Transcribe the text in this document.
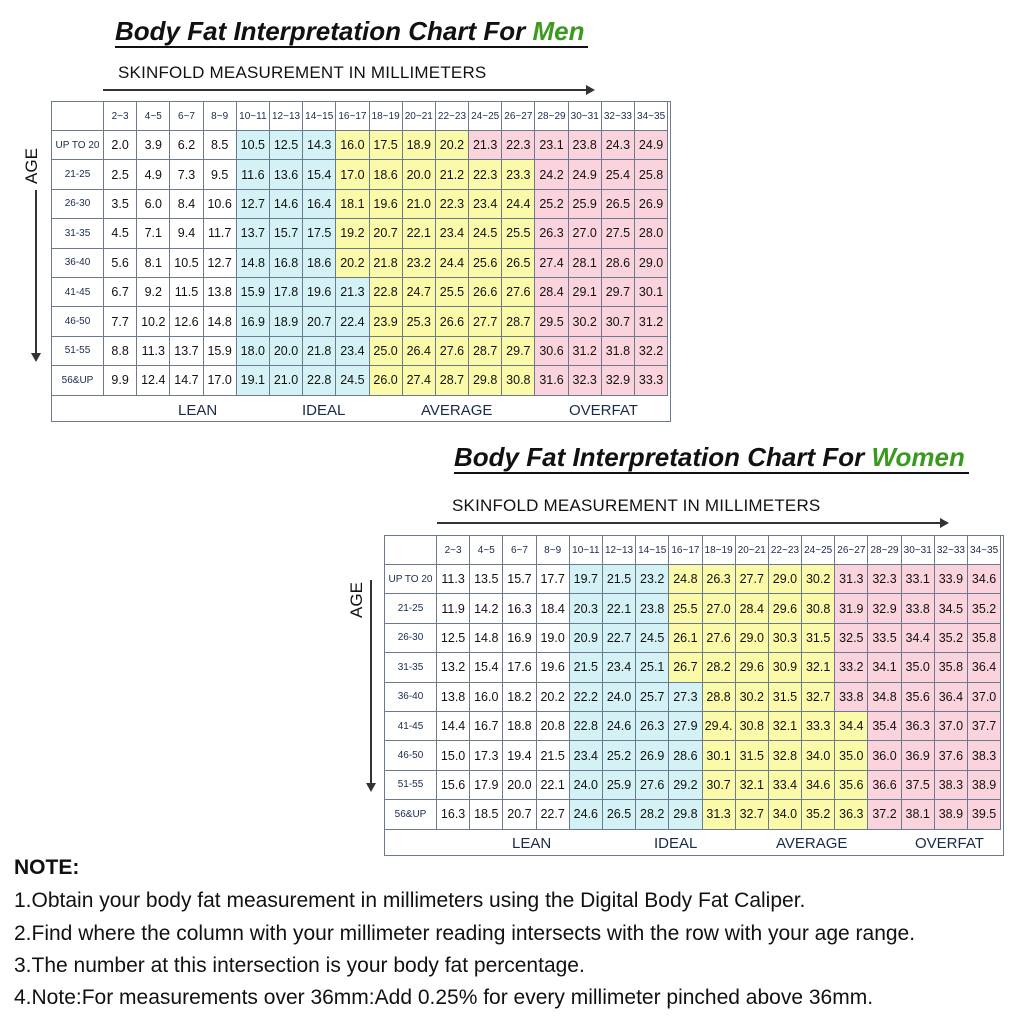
Body Fat Interpretation Chart For Men
SKINFOLD MEASUREMENT IN MILLIMETERS
AGE
	2~3	4~5	6~7	8~9	10~11	12~13	14~15	16~17	18~19	20~21	22~23	24~25	26~27	28~29	30~31	32~33	34~35
UP TO 20	2.0	3.9	6.2	8.5	10.5	12.5	14.3	16.0	17.5	18.9	20.2	21.3	22.3	23.1	23.8	24.3	24.9
21-25	2.5	4.9	7.3	9.5	11.6	13.6	15.4	17.0	18.6	20.0	21.2	22.3	23.3	24.2	24.9	25.4	25.8
26-30	3.5	6.0	8.4	10.6	12.7	14.6	16.4	18.1	19.6	21.0	22.3	23.4	24.4	25.2	25.9	26.5	26.9
31-35	4.5	7.1	9.4	11.7	13.7	15.7	17.5	19.2	20.7	22.1	23.4	24.5	25.5	26.3	27.0	27.5	28.0
36-40	5.6	8.1	10.5	12.7	14.8	16.8	18.6	20.2	21.8	23.2	24.4	25.6	26.5	27.4	28.1	28.6	29.0
41-45	6.7	9.2	11.5	13.8	15.9	17.8	19.6	21.3	22.8	24.7	25.5	26.6	27.6	28.4	29.1	29.7	30.1
46-50	7.7	10.2	12.6	14.8	16.9	18.9	20.7	22.4	23.9	25.3	26.6	27.7	28.7	29.5	30.2	30.7	31.2
51-55	8.8	11.3	13.7	15.9	18.0	20.0	21.8	23.4	25.0	26.4	27.6	28.7	29.7	30.6	31.2	31.8	32.2
56&UP	9.9	12.4	14.7	17.0	19.1	21.0	22.8	24.5	26.0	27.4	28.7	29.8	30.8	31.6	32.3	32.9	33.3
LEAN	IDEAL	AVERAGE	OVERFAT
Body Fat Interpretation Chart For Women
SKINFOLD MEASUREMENT IN MILLIMETERS
AGE
	2~3	4~5	6~7	8~9	10~11	12~13	14~15	16~17	18~19	20~21	22~23	24~25	26~27	28~29	30~31	32~33	34~35
UP TO 20	11.3	13.5	15.7	17.7	19.7	21.5	23.2	24.8	26.3	27.7	29.0	30.2	31.3	32.3	33.1	33.9	34.6
21-25	11.9	14.2	16.3	18.4	20.3	22.1	23.8	25.5	27.0	28.4	29.6	30.8	31.9	32.9	33.8	34.5	35.2
26-30	12.5	14.8	16.9	19.0	20.9	22.7	24.5	26.1	27.6	29.0	30.3	31.5	32.5	33.5	34.4	35.2	35.8
31-35	13.2	15.4	17.6	19.6	21.5	23.4	25.1	26.7	28.2	29.6	30.9	32.1	33.2	34.1	35.0	35.8	36.4
36-40	13.8	16.0	18.2	20.2	22.2	24.0	25.7	27.3	28.8	30.2	31.5	32.7	33.8	34.8	35.6	36.4	37.0
41-45	14.4	16.7	18.8	20.8	22.8	24.6	26.3	27.9	29.4.	30.8	32.1	33.3	34.4	35.4	36.3	37.0	37.7
46-50	15.0	17.3	19.4	21.5	23.4	25.2	26.9	28.6	30.1	31.5	32.8	34.0	35.0	36.0	36.9	37.6	38.3
51-55	15.6	17.9	20.0	22.1	24.0	25.9	27.6	29.2	30.7	32.1	33.4	34.6	35.6	36.6	37.5	38.3	38.9
56&UP	16.3	18.5	20.7	22.7	24.6	26.5	28.2	29.8	31.3	32.7	34.0	35.2	36.3	37.2	38.1	38.9	39.5
LEAN	IDEAL	AVERAGE	OVERFAT
NOTE:
1.Obtain your body fat measurement in millimeters using the Digital Body Fat Caliper.
2.Find where the column with your millimeter reading intersects with the row with your age range.
3.The number at this intersection is your body fat percentage.
4.Note:For measurements over 36mm:Add 0.25% for every millimeter pinched above 36mm.
